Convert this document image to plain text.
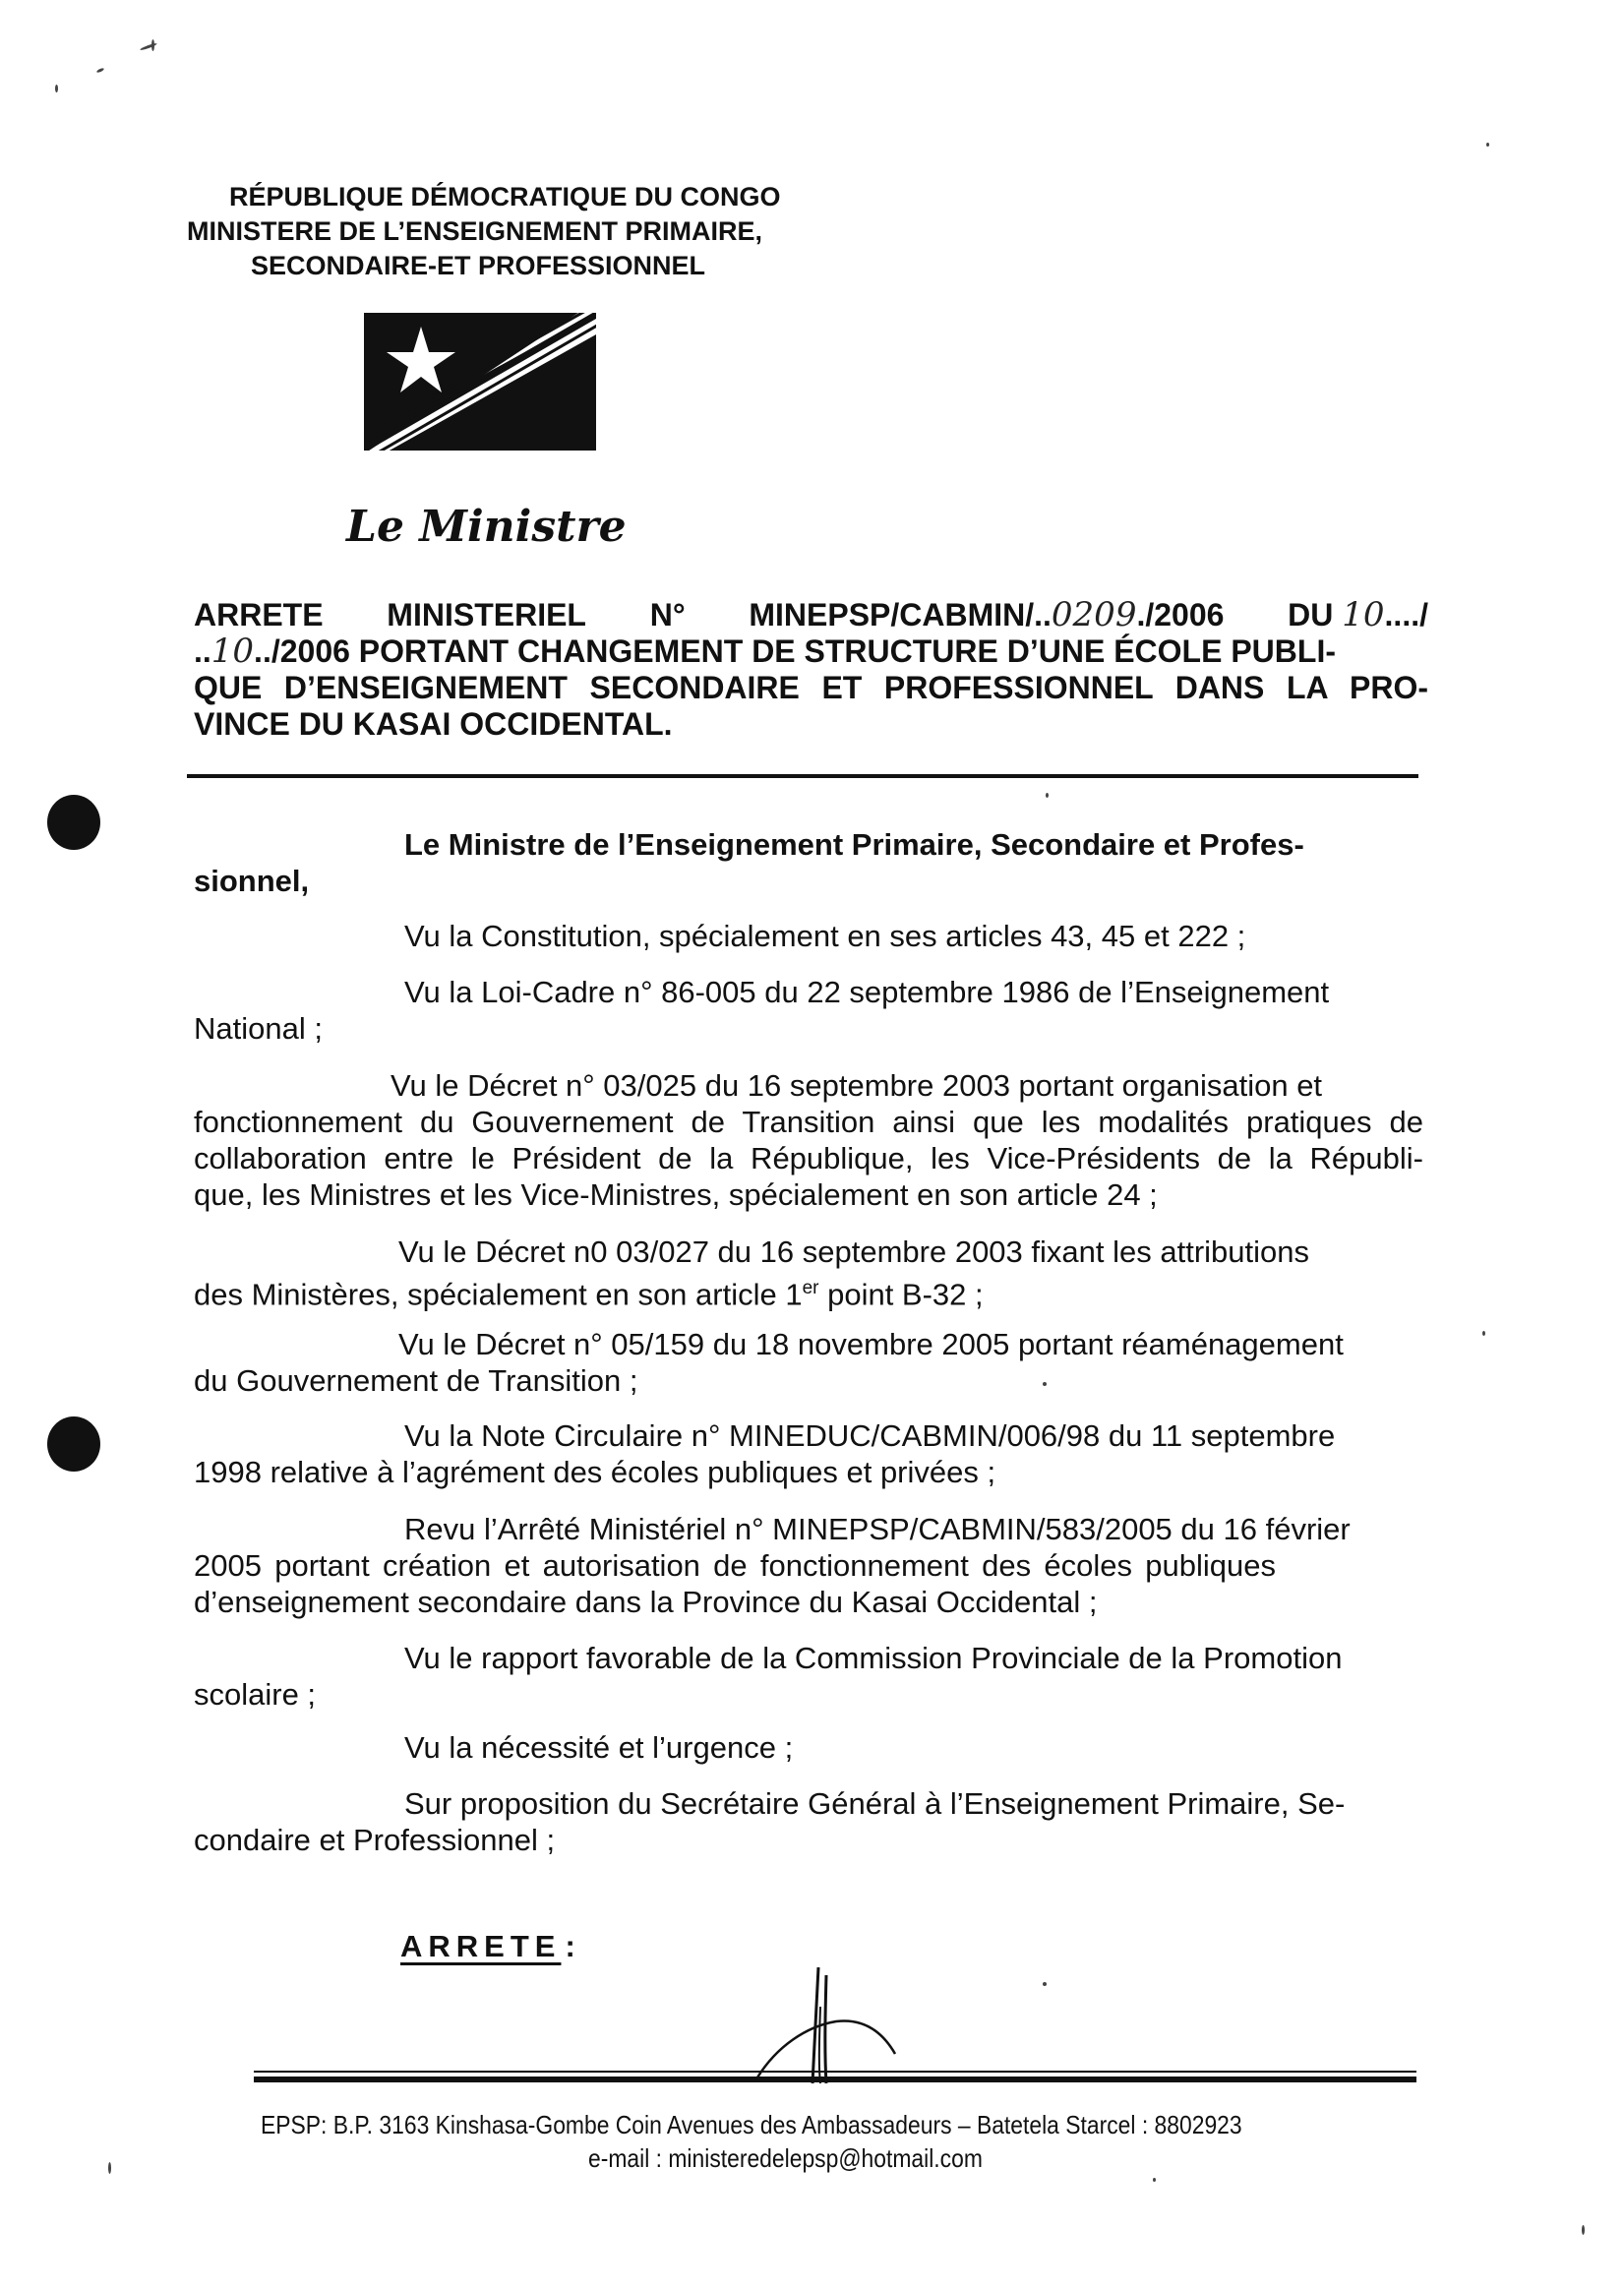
RÉPUBLIQUE DÉMOCRATIQUE DU CONGO
MINISTERE DE L’ENSEIGNEMENT PRIMAIRE,
SECONDAIRE-ET PROFESSIONNEL
Le Ministre
ARRETE MINISTERIEL N° MINEPSP/CABMIN/..0209./2006 DU 10..../
..10../2006 PORTANT CHANGEMENT DE STRUCTURE D’UNE ÉCOLE PUBLI-
QUE D’ENSEIGNEMENT SECONDAIRE ET PROFESSIONNEL DANS LA PRO-
VINCE DU KASAI OCCIDENTAL.
Le Ministre de l’Enseignement Primaire, Secondaire et Profes-
sionnel,
Vu la Constitution, spécialement en ses articles 43, 45 et 222 ;
Vu la Loi-Cadre n° 86-005 du 22 septembre 1986 de l’Enseignement
National ;
Vu le Décret n° 03/025 du 16 septembre 2003 portant organisation et
fonctionnement du Gouvernement de Transition ainsi que les modalités pratiques de
collaboration entre le Président de la République, les Vice-Présidents de la Républi-
que, les Ministres et les Vice-Ministres, spécialement en son article 24 ;
Vu le Décret n0 03/027 du 16 septembre 2003 fixant les attributions
des Ministères, spécialement en son article 1er point B-32 ;
Vu le Décret n° 05/159 du 18 novembre 2005 portant réaménagement
du Gouvernement de Transition ;
Vu la Note Circulaire n° MINEDUC/CABMIN/006/98 du 11 septembre
1998 relative à l’agrément des écoles publiques et privées ;
Revu l’Arrêté Ministériel n° MINEPSP/CABMIN/583/2005 du 16 février
2005 portant création et autorisation de fonctionnement des écoles publiques
d’enseignement secondaire dans la Province du Kasai Occidental ;
Vu le rapport favorable de la Commission Provinciale de la Promotion
scolaire ;
Vu la nécessité et l’urgence ;
Sur proposition du Secrétaire Général à l’Enseignement Primaire, Se-
condaire et Professionnel ;
ARRETE :
EPSP: B.P. 3163 Kinshasa-Gombe Coin Avenues des Ambassadeurs – Batetela Starcel : 8802923
e-mail : ministeredelepsp@hotmail.com
